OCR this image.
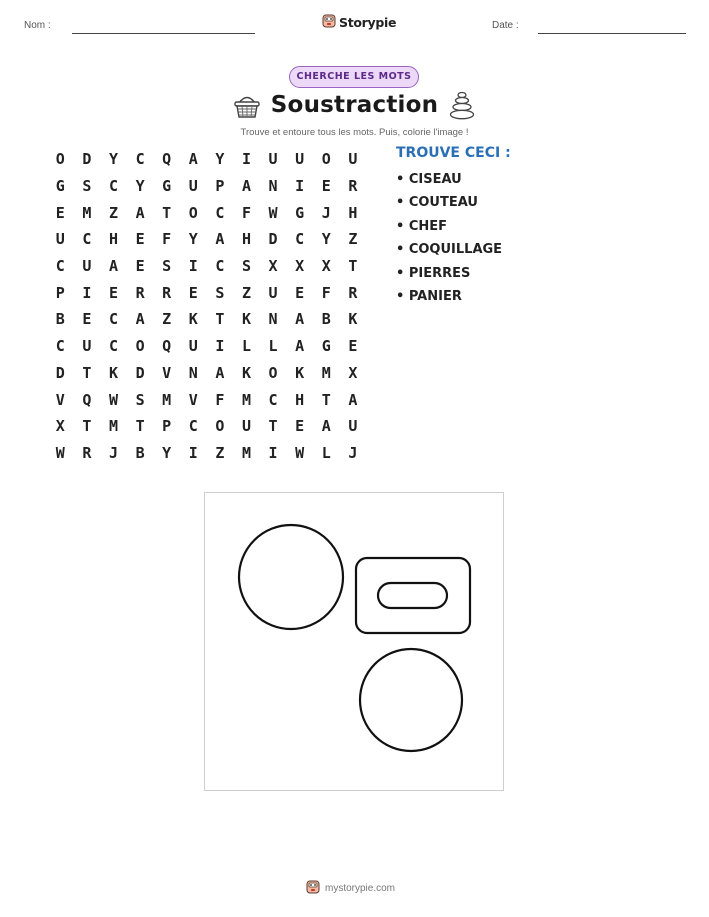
Nom :	Storypie	Date :
CHERCHE LES MOTS
Soustraction
Trouve et entoure tous les mots. Puis, colorie l'image !
O	D	Y	C	Q	A	Y	I	U	U	O	U
G	S	C	Y	G	U	P	A	N	I	E	R
E	M	Z	A	T	O	C	F	W	G	J	H
U	C	H	E	F	Y	A	H	D	C	Y	Z
C	U	A	E	S	I	C	S	X	X	X	T
P	I	E	R	R	E	S	Z	U	E	F	R
B	E	C	A	Z	K	T	K	N	A	B	K
C	U	C	O	Q	U	I	L	L	A	G	E
D	T	K	D	V	N	A	K	O	K	M	X
V	Q	W	S	M	V	F	M	C	H	T	A
X	T	M	T	P	C	O	U	T	E	A	U
W	R	J	B	Y	I	Z	M	I	W	L	J
TROUVE CECI :
• CISEAU
• COUTEAU
• CHEF
• COQUILLAGE
• PIERRES
• PANIER
mystorypie.com
